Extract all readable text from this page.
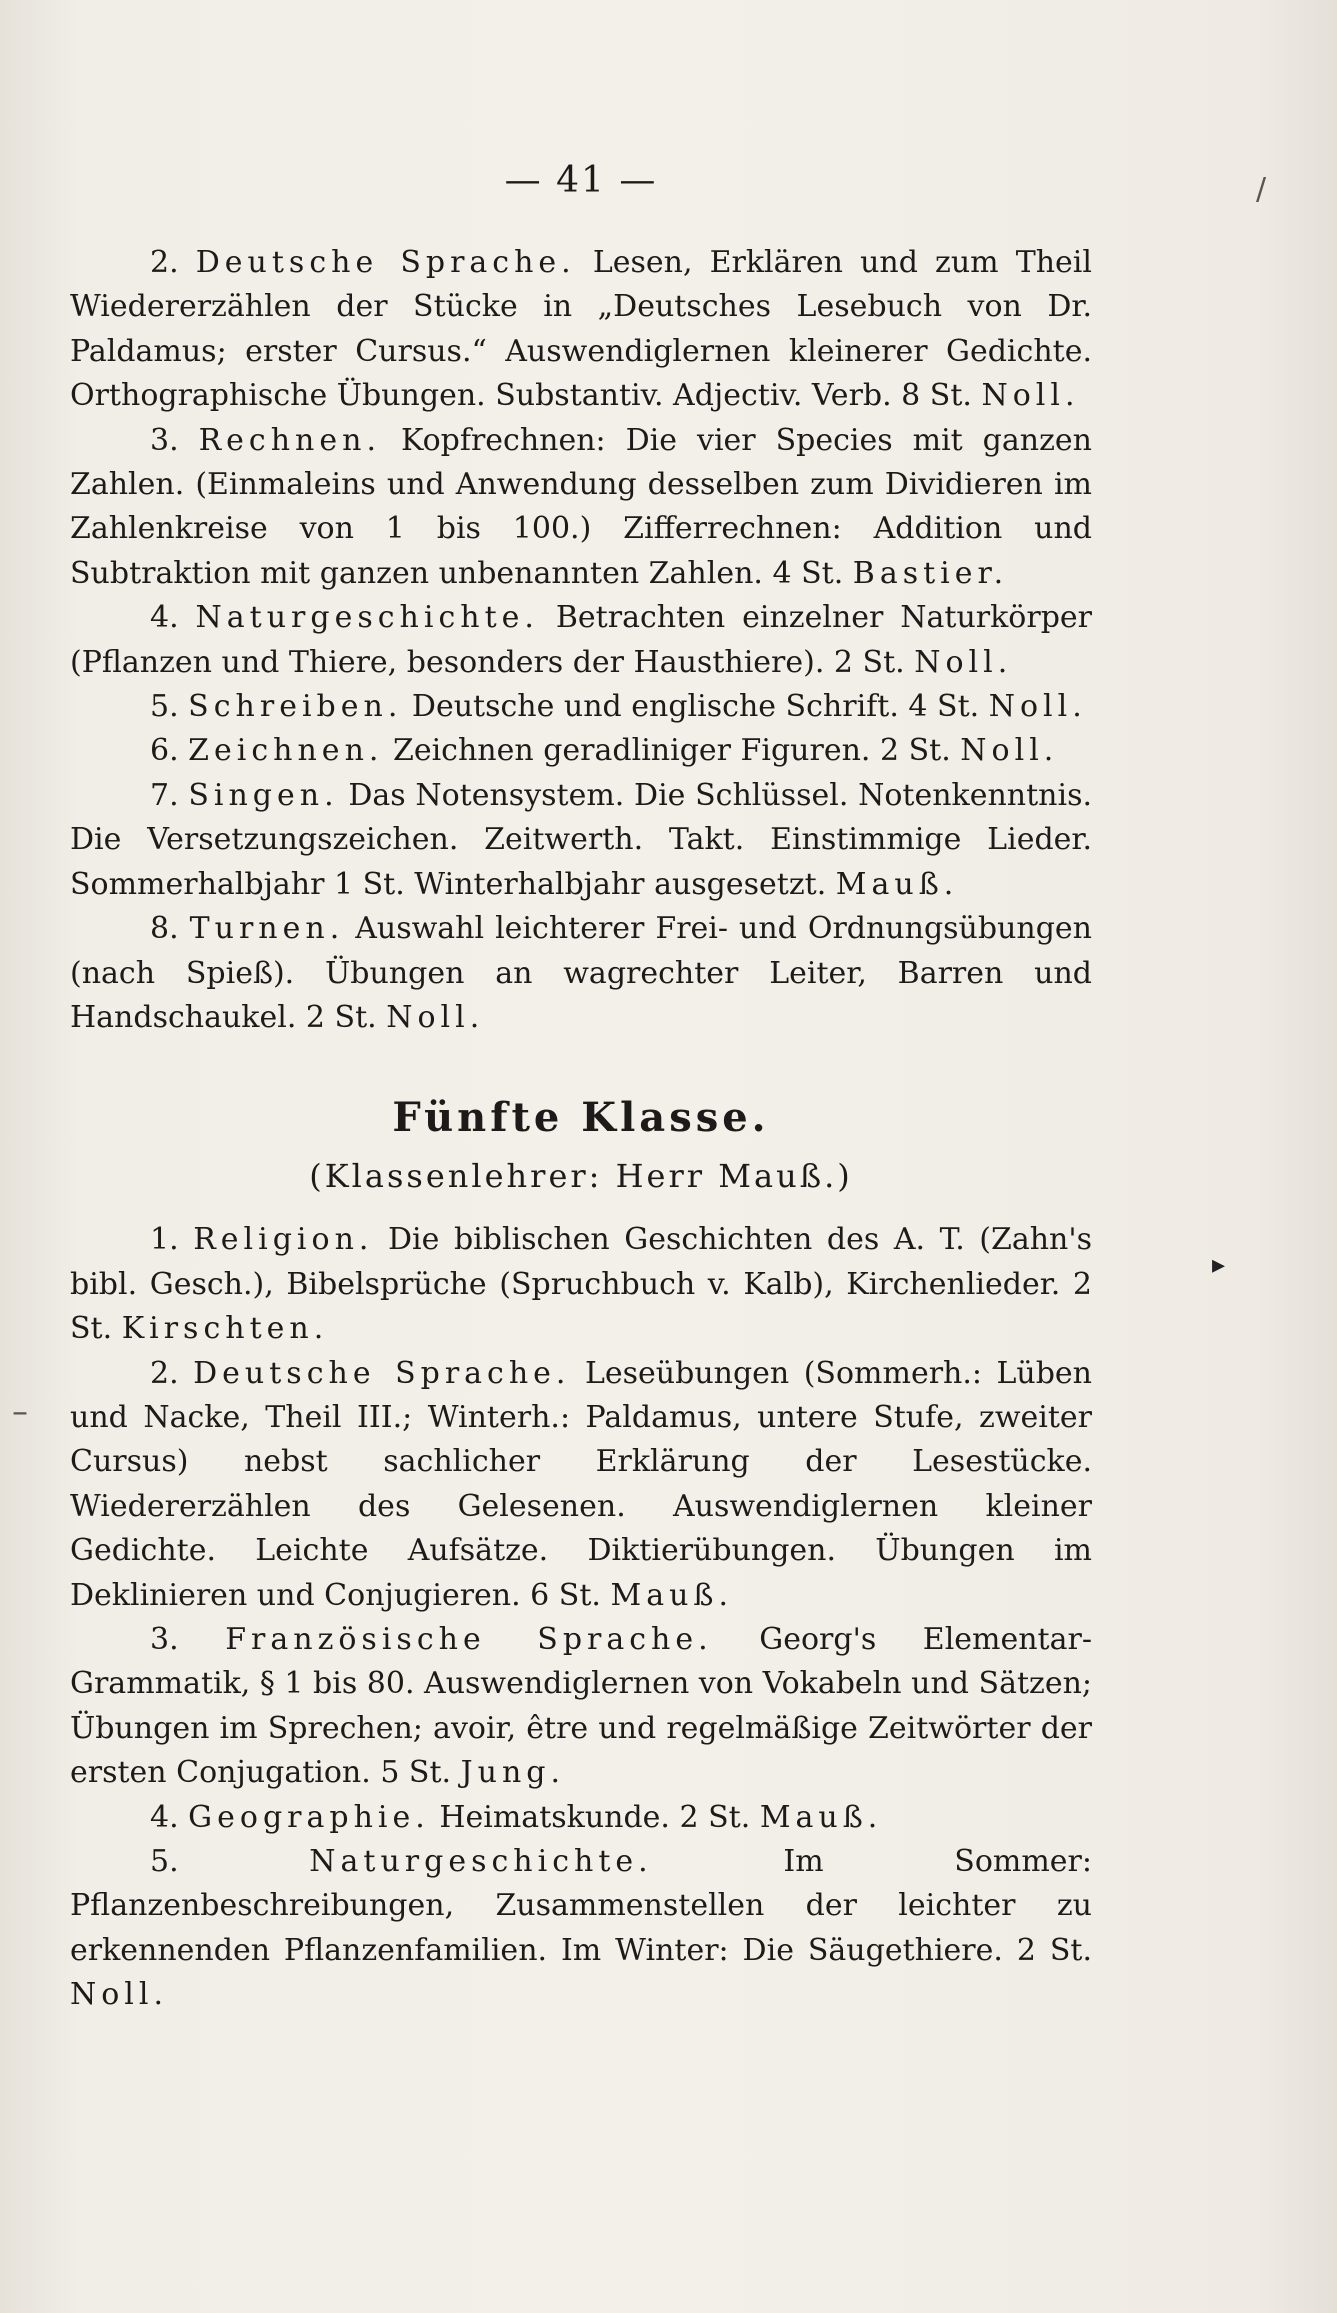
/
▸
–
— 41 —

2. Deutsche Sprache. Lesen, Erklären und zum Theil Wiedererzählen der Stücke in „Deutsches Lesebuch von Dr. Paldamus; erster Cursus.“ Auswendiglernen kleinerer Gedichte. Orthographische Übungen. Substantiv. Adjectiv. Verb. 8 St. Noll.

3. Rechnen. Kopfrechnen: Die vier Species mit ganzen Zahlen. (Einmaleins und Anwendung desselben zum Dividieren im Zahlenkreise von 1 bis 100.) Zifferrechnen: Addition und Subtraktion mit ganzen unbenannten Zahlen. 4 St. Bastier.

4. Naturgeschichte. Betrachten einzelner Naturkörper (Pflanzen und Thiere, besonders der Hausthiere). 2 St. Noll.

5. Schreiben. Deutsche und englische Schrift. 4 St. Noll.

6. Zeichnen. Zeichnen geradliniger Figuren. 2 St. Noll.

7. Singen. Das Notensystem. Die Schlüssel. Notenkenntnis. Die Versetzungszeichen. Zeitwerth. Takt. Einstimmige Lieder. Sommerhalbjahr 1 St. Winterhalbjahr ausgesetzt. Mauß.

8. Turnen. Auswahl leichterer Frei- und Ordnungsübungen (nach Spieß). Übungen an wagrechter Leiter, Barren und Handschaukel. 2 St. Noll.

Fünfte Klasse.
(Klassenlehrer: Herr Mauß.)

1. Religion. Die biblischen Geschichten des A. T. (Zahn's bibl. Gesch.), Bibelsprüche (Spruchbuch v. Kalb), Kirchenlieder. 2 St. Kirschten.

2. Deutsche Sprache. Leseübungen (Sommerh.: Lüben und Nacke, Theil III.; Winterh.: Paldamus, untere Stufe, zweiter Cursus) nebst sachlicher Erklärung der Lesestücke. Wiedererzählen des Gelesenen. Auswendiglernen kleiner Gedichte. Leichte Aufsätze. Diktierübungen. Übungen im Deklinieren und Conjugieren. 6 St. Mauß.

3. Französische Sprache. Georg's Elementar-Grammatik, § 1 bis 80. Auswendiglernen von Vokabeln und Sätzen; Übungen im Sprechen; avoir, être und regelmäßige Zeitwörter der ersten Conjugation. 5 St. Jung.

4. Geographie. Heimatskunde. 2 St. Mauß.

5.	Naturgeschichte.	Im Sommer: Pflanzenbeschreibungen, Zusammenstellen der leichter zu erkennenden Pflanzenfamilien. Im Winter: Die Säugethiere. 2 St. Noll.
